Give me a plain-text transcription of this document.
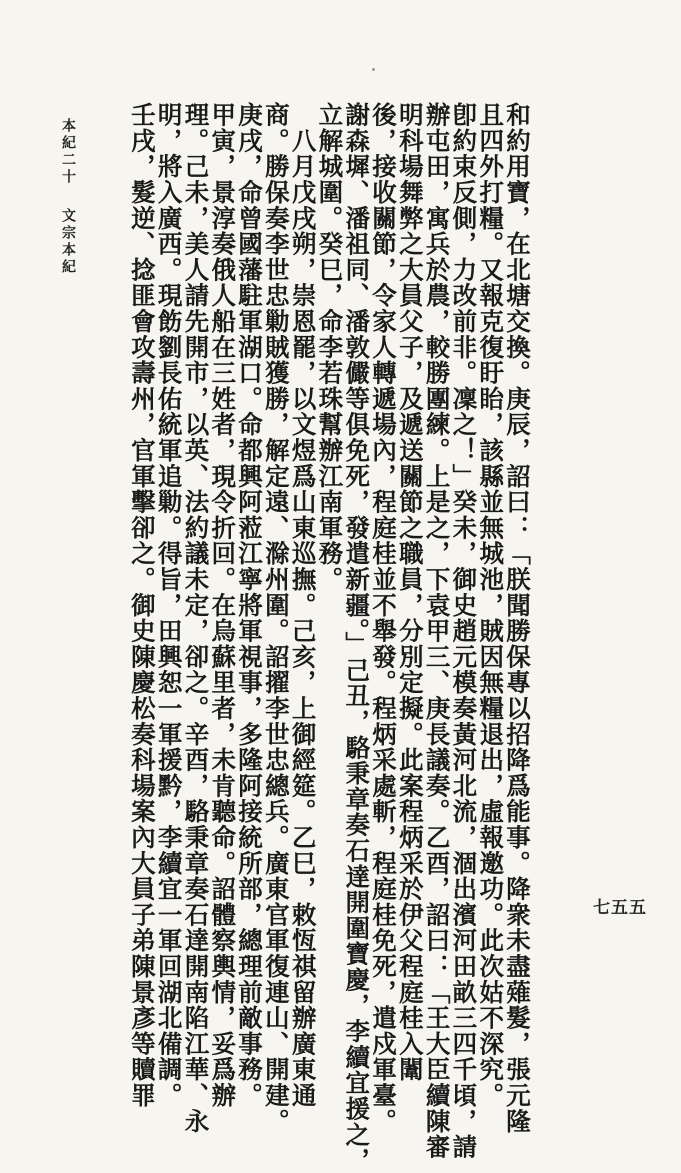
和約用寶，在北塘交換。庚辰，詔曰：「朕聞勝保專以招降爲能事。降衆未盡薙髮，張元隆
且四外打糧。又報克復盱眙，該縣並無城池，賊因無糧退出，虛報邀功。此次姑不深究。
卽約束反側，力改前非。凜之！」癸未，御史趙元模奏黃河北流，涸出濱河田畝三四千頃，請
辦屯田，寓兵於農，較勝團練。上是之，下袁甲三、庚長議奏。乙酉，詔曰：「王大臣續陳審
明科場舞弊之大員父子，及遞送關節之職員，分別定擬。此案程炳采於伊父程庭桂入闈
後，接收關節，令家人轉遞場內，程庭桂並不舉發。程炳采處斬，程庭桂免死，遣戍軍臺。
謝森墀、潘祖同、潘敦儼等俱免死，發遣新疆。」己丑，駱秉章奏石達開圍寶慶，李續宜援之，
立解城圍。癸巳，命李若珠幫辦江南軍務。
　八月戊戌朔，崇恩罷，以文煜爲山東巡撫。己亥，上御經筵。乙巳，敕恆祺留辦廣東通
商。勝保奏李世忠勦賊獲勝，解定遠、滁州圍。詔擢李世忠總兵。廣東官軍復連山、開建。
庚戌，命曾國藩駐軍湖口。命都興阿蒞江寧將軍視事，多隆阿接統所部，總理前敵事務。
甲寅，景淳奏俄人船在三姓者，現令折回。在烏蘇里者，未肯聽命。詔體察輿情，妥爲辦
理。己未，美人請先開市，以英、法約議未定，卻之。辛酉，駱秉章奏石達開南陷江華、永
明，將入廣西。現飭劉長佑統軍追勦。得旨，田興恕一軍援黔，李續宜一軍回湖北備調。
壬戌，髮逆、捻匪會攻壽州，官軍擊卻之。御史陳慶松奏科場案內大員子弟陳景彥等贖罪
本紀二十文宗本紀
七五五
